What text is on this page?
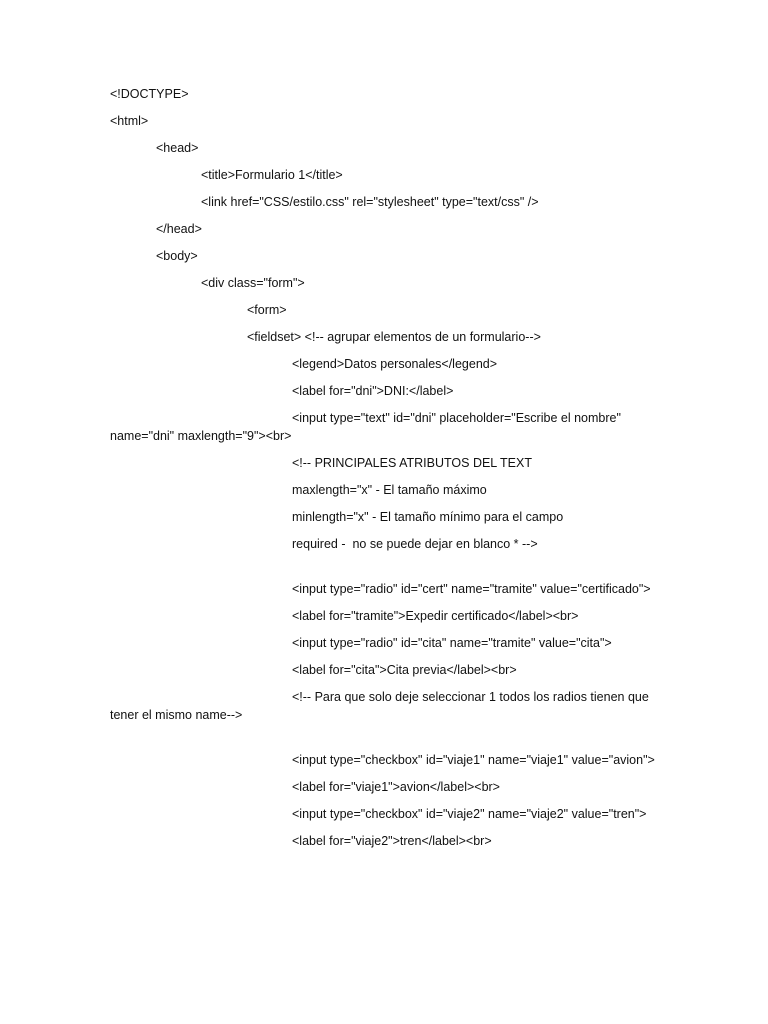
<!DOCTYPE>
<html>
<head>
<title>Formulario 1</title>
<link href="CSS/estilo.css" rel="stylesheet" type="text/css" />
</head>
<body>
<div class="form">
<form>
<fieldset> <!-- agrupar elementos de un formulario-->
<legend>Datos personales</legend>
<label for="dni">DNI:</label>
<input type="text" id="dni" placeholder="Escribe el nombre" name="dni" maxlength="9"><br>
<!-- PRINCIPALES ATRIBUTOS DEL TEXT
maxlength="x" - El tamaño máximo
minlength="x" - El tamaño mínimo para el campo
required -  no se puede dejar en blanco * -->
<input type="radio" id="cert" name="tramite" value="certificado">
<label for="tramite">Expedir certificado</label><br>
<input type="radio" id="cita" name="tramite" value="cita">
<label for="cita">Cita previa</label><br>
<!-- Para que solo deje seleccionar 1 todos los radios tienen que tener el mismo name-->
<input type="checkbox" id="viaje1" name="viaje1" value="avion">
<label for="viaje1">avion</label><br>
<input type="checkbox" id="viaje2" name="viaje2" value="tren">
<label for="viaje2">tren</label><br>
